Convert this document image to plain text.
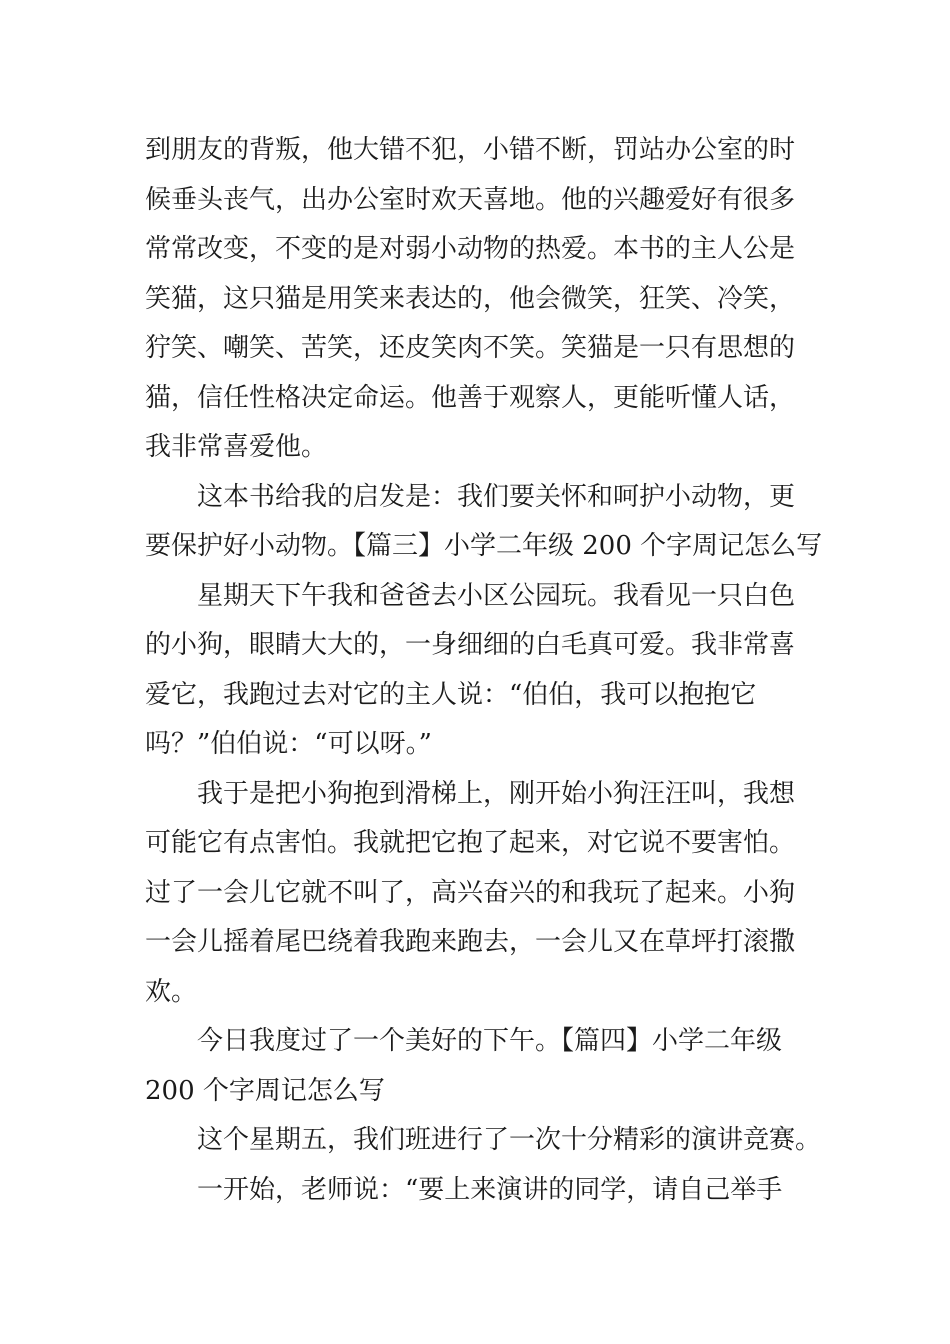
到朋友的背叛，他大错不犯，小错不断，罚站办公室的时
候垂头丧气，出办公室时欢天喜地。他的兴趣爱好有很多
常常改变，不变的是对弱小动物的热爱。本书的主人公是
笑猫，这只猫是用笑来表达的，他会微笑，狂笑、冷笑，
狞笑、嘲笑、苦笑，还皮笑肉不笑。笑猫是一只有思想的
猫，信任性格决定命运。他善于观察人，更能听懂人话，
我非常喜爱他。

这本书给我的启发是：我们要关怀和呵护小动物，更
要保护好小动物。【篇三】小学二年级 200 个字周记怎么写

星期天下午我和爸爸去小区公园玩。我看见一只白色
的小狗，眼睛大大的，一身细细的白毛真可爱。我非常喜
爱它，我跑过去对它的主人说：“伯伯，我可以抱抱它
吗？”伯伯说：“可以呀。”

我于是把小狗抱到滑梯上，刚开始小狗汪汪叫，我想
可能它有点害怕。我就把它抱了起来，对它说不要害怕。
过了一会儿它就不叫了，高兴奋兴的和我玩了起来。小狗
一会儿摇着尾巴绕着我跑来跑去，一会儿又在草坪打滚撒
欢。

今日我度过了一个美好的下午。【篇四】小学二年级
200 个字周记怎么写

这个星期五，我们班进行了一次十分精彩的演讲竞赛。

一开始，老师说：“要上来演讲的同学，请自己举手
